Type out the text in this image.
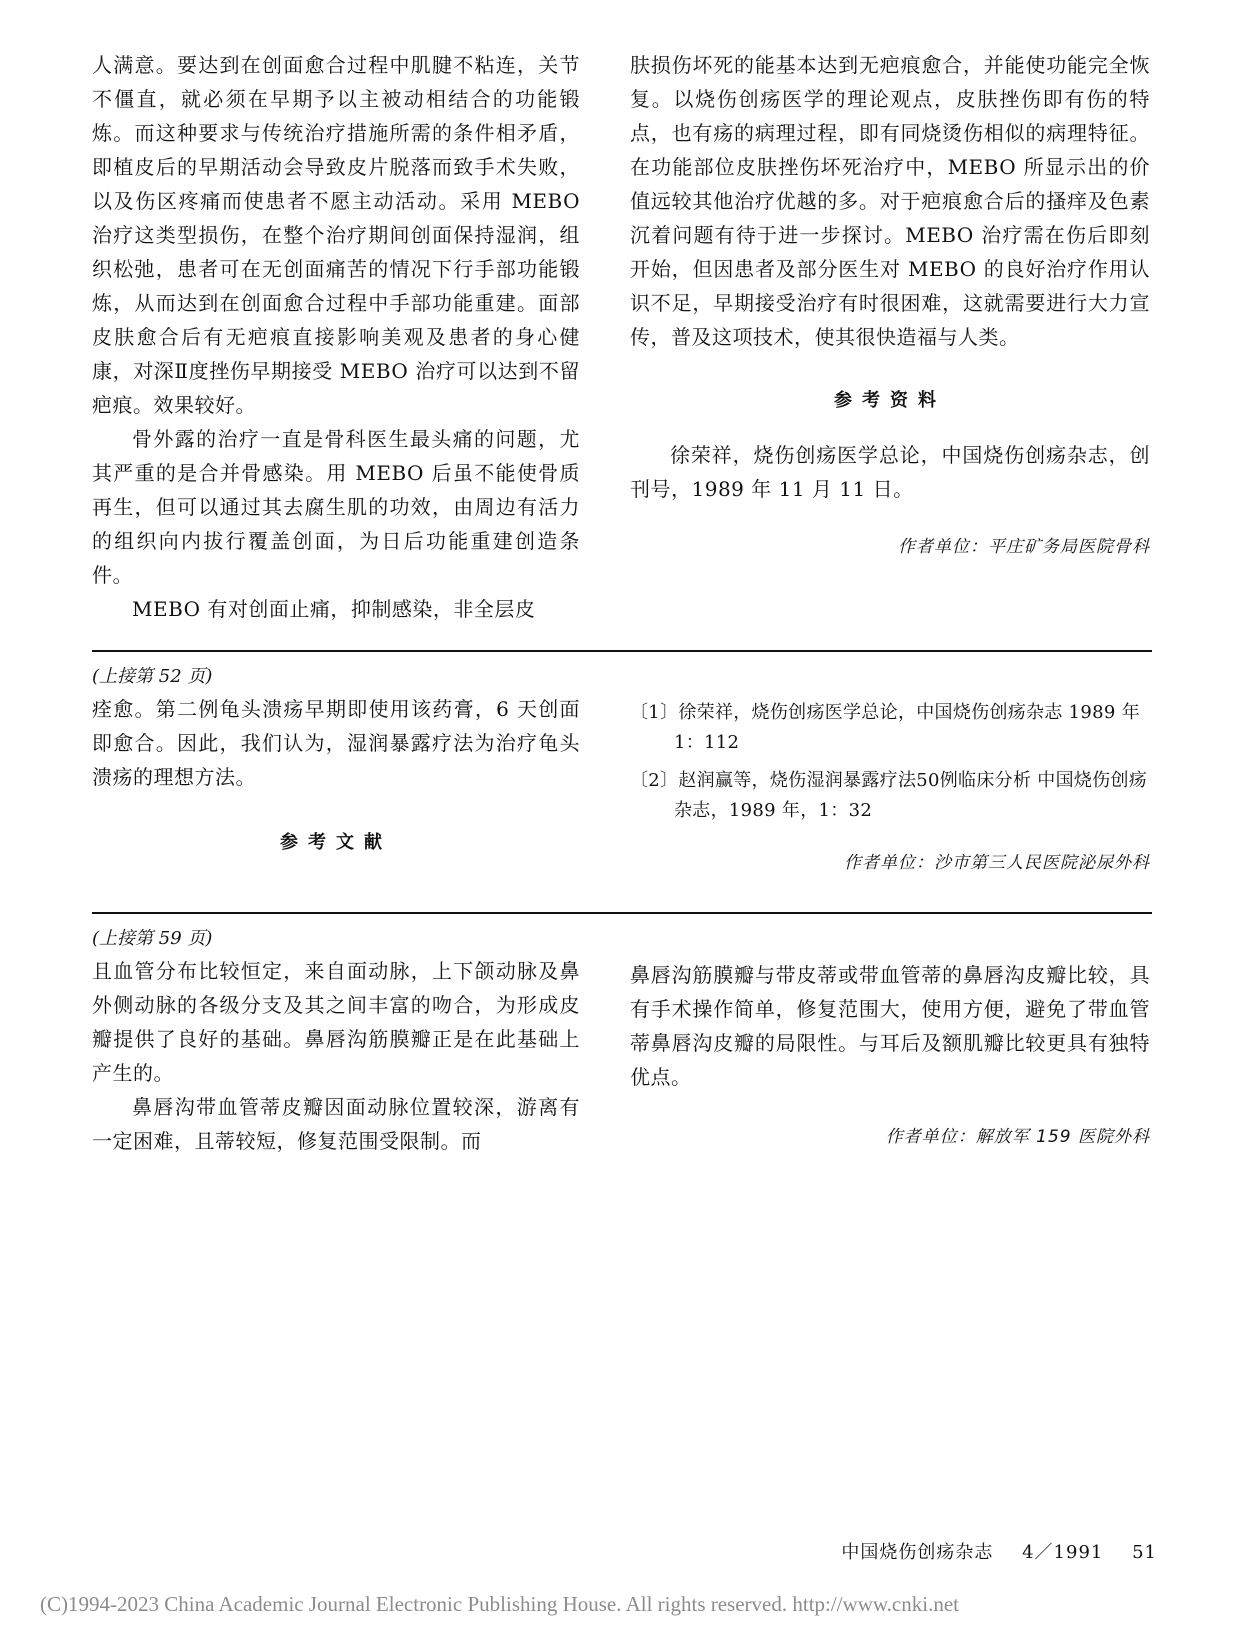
人满意。要达到在创面愈合过程中肌腱不粘连，关节不僵直，就必须在早期予以主被动相结合的功能锻炼。而这种要求与传统治疗措施所需的条件相矛盾，即植皮后的早期活动会导致皮片脱落而致手术失败，以及伤区疼痛而使患者不愿主动活动。采用 MEBO 治疗这类型损伤，在整个治疗期间创面保持湿润，组织松弛，患者可在无创面痛苦的情况下行手部功能锻炼，从而达到在创面愈合过程中手部功能重建。面部皮肤愈合后有无疤痕直接影响美观及患者的身心健康，对深Ⅱ度挫伤早期接受 MEBO 治疗可以达到不留疤痕。效果较好。

骨外露的治疗一直是骨科医生最头痛的问题，尤其严重的是合并骨感染。用 MEBO 后虽不能使骨质再生，但可以通过其去腐生肌的功效，由周边有活力的组织向内拔行覆盖创面，为日后功能重建创造条件。

MEBO 有对创面止痛，抑制感染，非全层皮

肤损伤坏死的能基本达到无疤痕愈合，并能使功能完全恢复。以烧伤创疡医学的理论观点，皮肤挫伤即有伤的特点，也有疡的病理过程，即有同烧烫伤相似的病理特征。在功能部位皮肤挫伤坏死治疗中，MEBO 所显示出的价值远较其他治疗优越的多。对于疤痕愈合后的搔痒及色素沉着问题有待于进一步探讨。MEBO 治疗需在伤后即刻开始，但因患者及部分医生对 MEBO 的良好治疗作用认识不足，早期接受治疗有时很困难，这就需要进行大力宣传，普及这项技术，使其很快造福与人类。

参考资料

徐荣祥，烧伤创疡医学总论，中国烧伤创疡杂志，创刊号，1989 年 11 月 11 日。

作者单位：平庄矿务局医院骨科

(上接第 52 页)

痊愈。第二例龟头溃疡早期即使用该药膏，6 天创面即愈合。因此，我们认为，湿润暴露疗法为治疗龟头溃疡的理想方法。

参考文献

〔1〕徐荣祥，烧伤创疡医学总论，中国烧伤创疡杂志 1989 年 1：112

〔2〕赵润赢等，烧伤湿润暴露疗法50例临床分析 中国烧伤创疡杂志，1989 年，1：32

作者单位：沙市第三人民医院泌尿外科

(上接第 59 页)

且血管分布比较恒定，来自面动脉，上下颌动脉及鼻外侧动脉的各级分支及其之间丰富的吻合，为形成皮瓣提供了良好的基础。鼻唇沟筋膜瓣正是在此基础上产生的。

鼻唇沟带血管蒂皮瓣因面动脉位置较深，游离有一定困难，且蒂较短，修复范围受限制。而

鼻唇沟筋膜瓣与带皮蒂或带血管蒂的鼻唇沟皮瓣比较，具有手术操作简单，修复范围大，使用方便，避免了带血管蒂鼻唇沟皮瓣的局限性。与耳后及额肌瓣比较更具有独特优点。

作者单位：解放军 159 医院外科

中国烧伤创疡杂志 4／1991 51
(C)1994-2023 China Academic Journal Electronic Publishing House. All rights reserved. http://www.cnki.net
